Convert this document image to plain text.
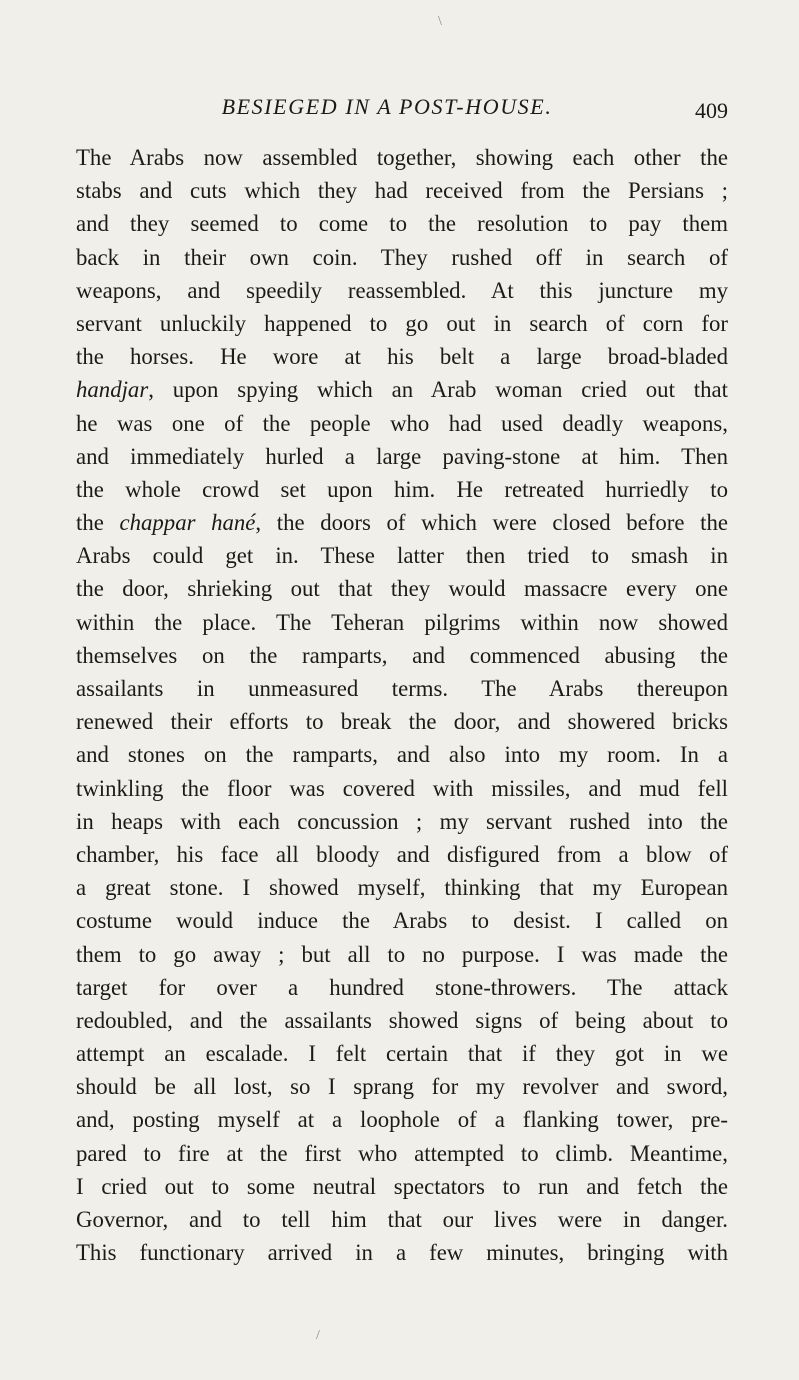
\
BESIEGED IN A POST-HOUSE.	409
The Arabs now assembled together, showing each other the
stabs and cuts which they had received from the Persians ;
and they seemed to come to the resolution to pay them
back in their own coin. They rushed off in search of
weapons, and speedily reassembled. At this juncture my
servant unluckily happened to go out in search of corn for
the horses. He wore at his belt a large broad-bladed
handjar, upon spying which an Arab woman cried out that
he was one of the people who had used deadly weapons,
and immediately hurled a large paving-stone at him. Then
the whole crowd set upon him. He retreated hurriedly to
the chappar hané, the doors of which were closed before the
Arabs could get in. These latter then tried to smash in
the door, shrieking out that they would massacre every one
within the place. The Teheran pilgrims within now showed
themselves on the ramparts, and commenced abusing the
assailants in unmeasured terms. The Arabs thereupon
renewed their efforts to break the door, and showered bricks
and stones on the ramparts, and also into my room. In a
twinkling the floor was covered with missiles, and mud fell
in heaps with each concussion ; my servant rushed into the
chamber, his face all bloody and disfigured from a blow of
a great stone. I showed myself, thinking that my European
costume would induce the Arabs to desist. I called on
them to go away ; but all to no purpose. I was made the
target for over a hundred stone-throwers. The attack
redoubled, and the assailants showed signs of being about to
attempt an escalade. I felt certain that if they got in we
should be all lost, so I sprang for my revolver and sword,
and, posting myself at a loophole of a flanking tower, pre-
pared to fire at the first who attempted to climb. Meantime,
I cried out to some neutral spectators to run and fetch the
Governor, and to tell him that our lives were in danger.
This functionary arrived in a few minutes, bringing with
/
